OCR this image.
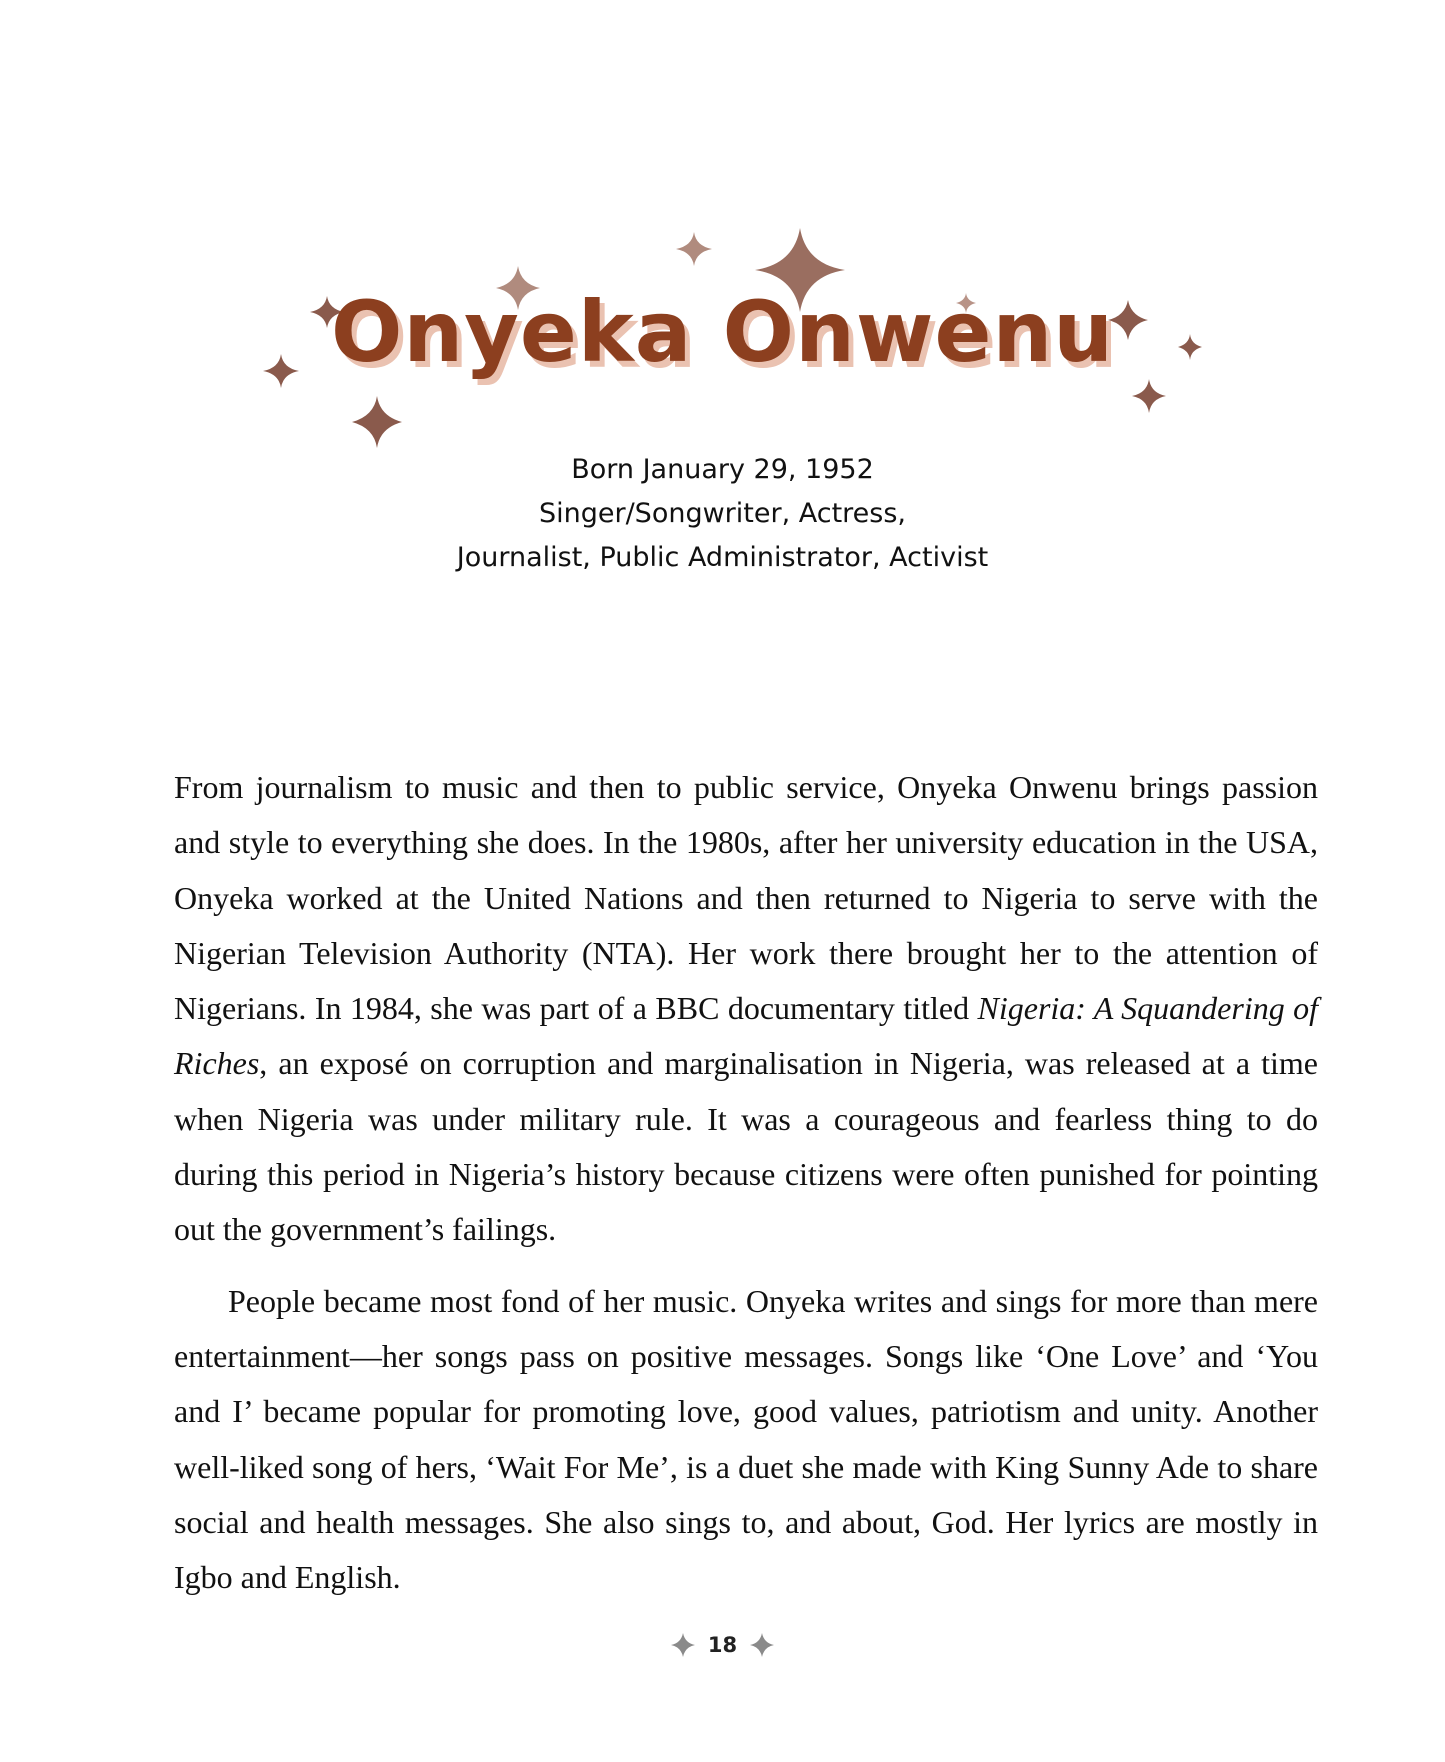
Onyeka Onwenu
Born January 29, 1952
Singer/Songwriter, Actress,
Journalist, Public Administrator, Activist

From journalism to music and then to public service, Onyeka Onwenu brings passion and style to everything she does. In the 1980s, after her university education in the USA, Onyeka worked at the United Nations and then returned to Nigeria to serve with the Nigerian Television Authority (NTA). Her work there brought her to the attention of Nigerians. In 1984, she was part of a BBC documentary titled Nigeria: A Squandering of Riches, an exposé on corruption and marginalisation in Nigeria, was released at a time when Nigeria was under military rule. It was a courageous and fearless thing to do during this period in Nigeria’s history because citizens were often punished for pointing out the government’s failings.

People became most fond of her music. Onyeka writes and sings for more than mere entertainment—her songs pass on positive messages. Songs like ‘One Love’ and ‘You and I’ became popular for promoting love, good values, patriotism and unity. Another well-liked song of hers, ‘Wait For Me’, is a duet she made with King Sunny Ade to share social and health messages. She also sings to, and about, God. Her lyrics are mostly in Igbo and English.

18
